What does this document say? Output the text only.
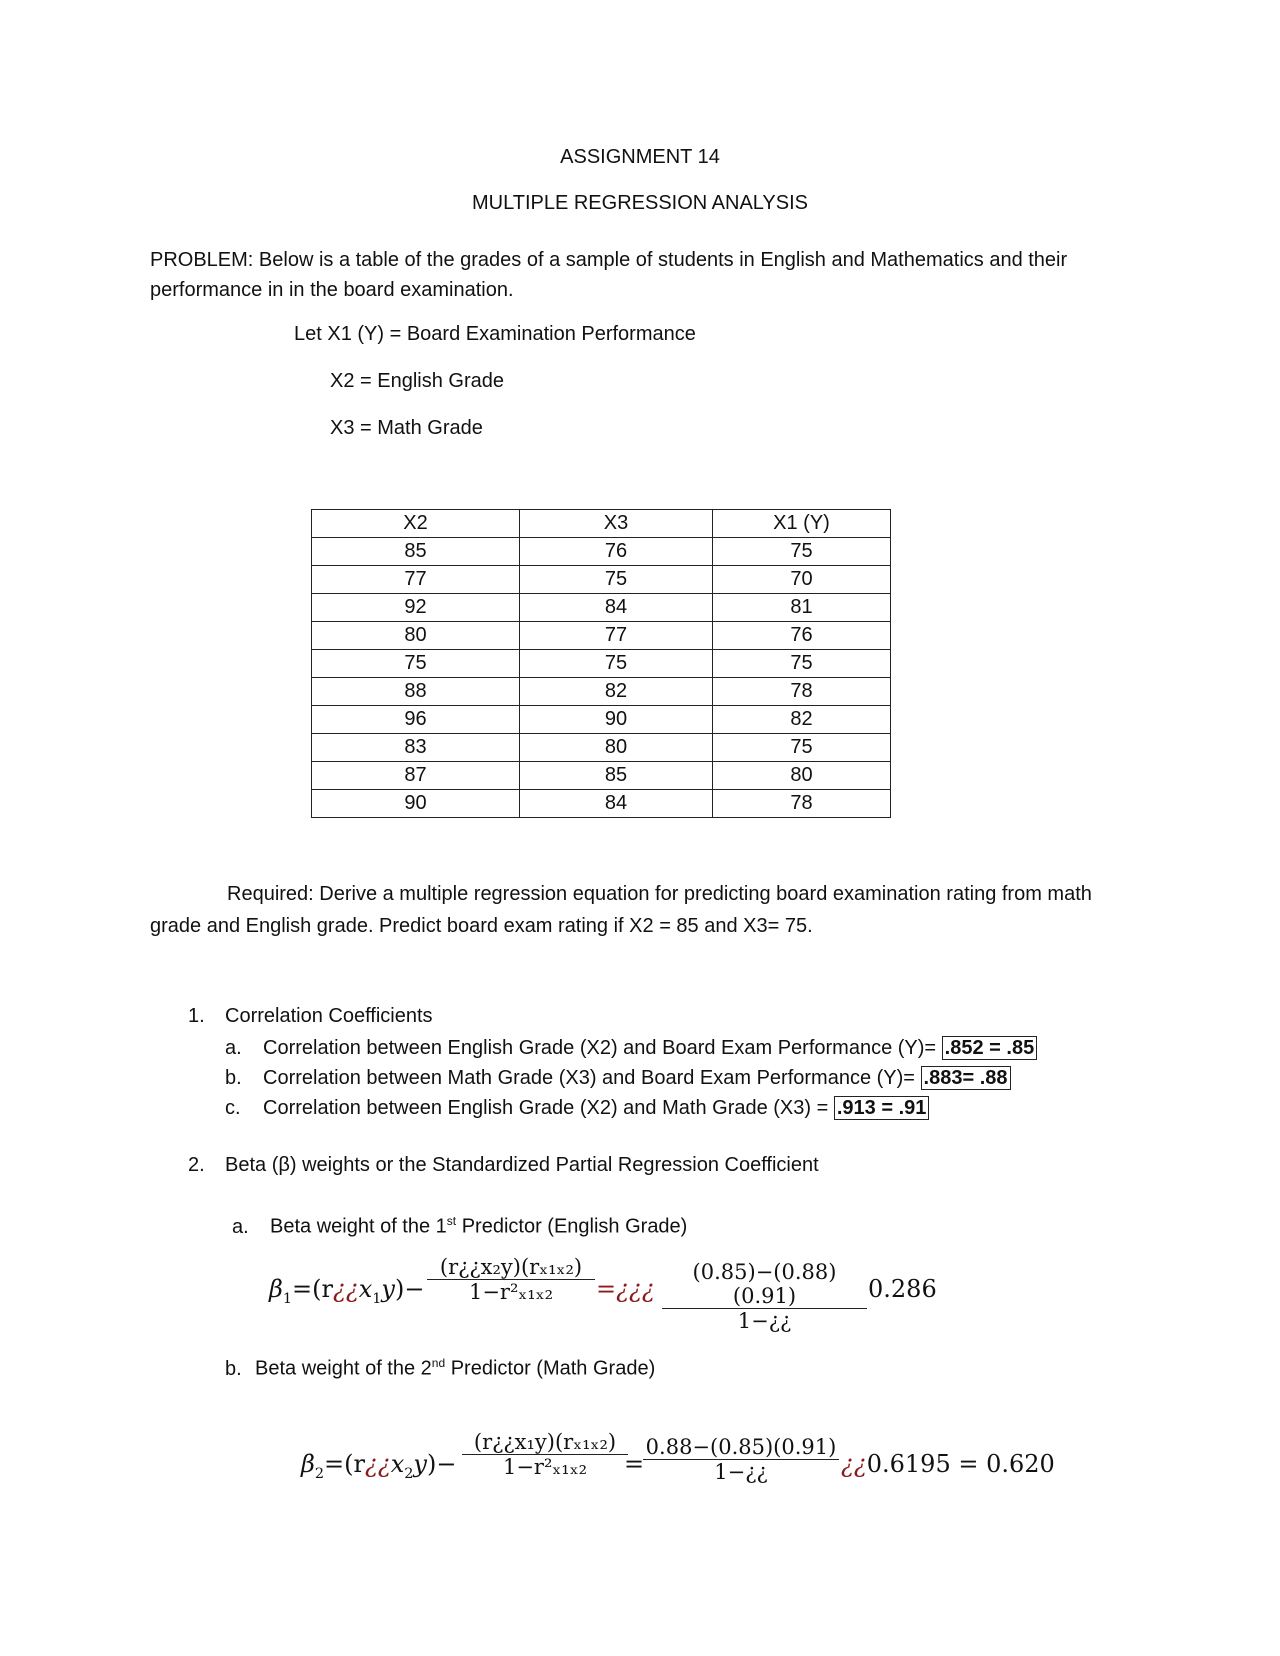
ASSIGNMENT 14
MULTIPLE REGRESSION ANALYSIS
PROBLEM: Below is a table of the grades of a sample of students in English and Mathematics and their performance in in the board examination.
Let X1 (Y) = Board Examination Performance
X2 = English Grade
X3 = Math Grade
X2	X3	X1 (Y)
85	76	75
77	75	70
92	84	81
80	77	76
75	75	75
88	82	78
96	90	82
83	80	75
87	85	80
90	84	78
Required: Derive a multiple regression equation for predicting board examination rating from math grade and English grade. Predict board exam rating if X2 = 85 and X3= 75.
1. Correlation Coefficients
a. Correlation between English Grade (X2) and Board Exam Performance (Y)= .852 = .85
b. Correlation between Math Grade (X3) and Board Exam Performance (Y)= .883= .88
c. Correlation between English Grade (X2) and Math Grade (X3) = .913 = .91
2. Beta (β) weights or the Standardized Partial Regression Coefficient
a. Beta weight of the 1st Predictor (English Grade)
$\beta_1=(r¿¿x_1y)- \frac{\text{(r¿¿x₂y)(rₓ₁ₓ₂)}}{\text{1−r²ₓ₁ₓ₂}}$ =¿¿¿ $\frac{(0.85)-(0.88)(0.91)}{1-¿¿} 0.286$
b. Beta weight of the 2nd Predictor (Math Grade)
$\beta_2=(r¿¿x_2y)- \frac{\text{(r¿¿x₁y)(rₓ₁ₓ₂)}}{\text{1−r²ₓ₁ₓ₂}}$
=
$\frac{0.88-(0.85)(0.91)}{1-¿¿}$ ¿¿0.6195 = 0.620
